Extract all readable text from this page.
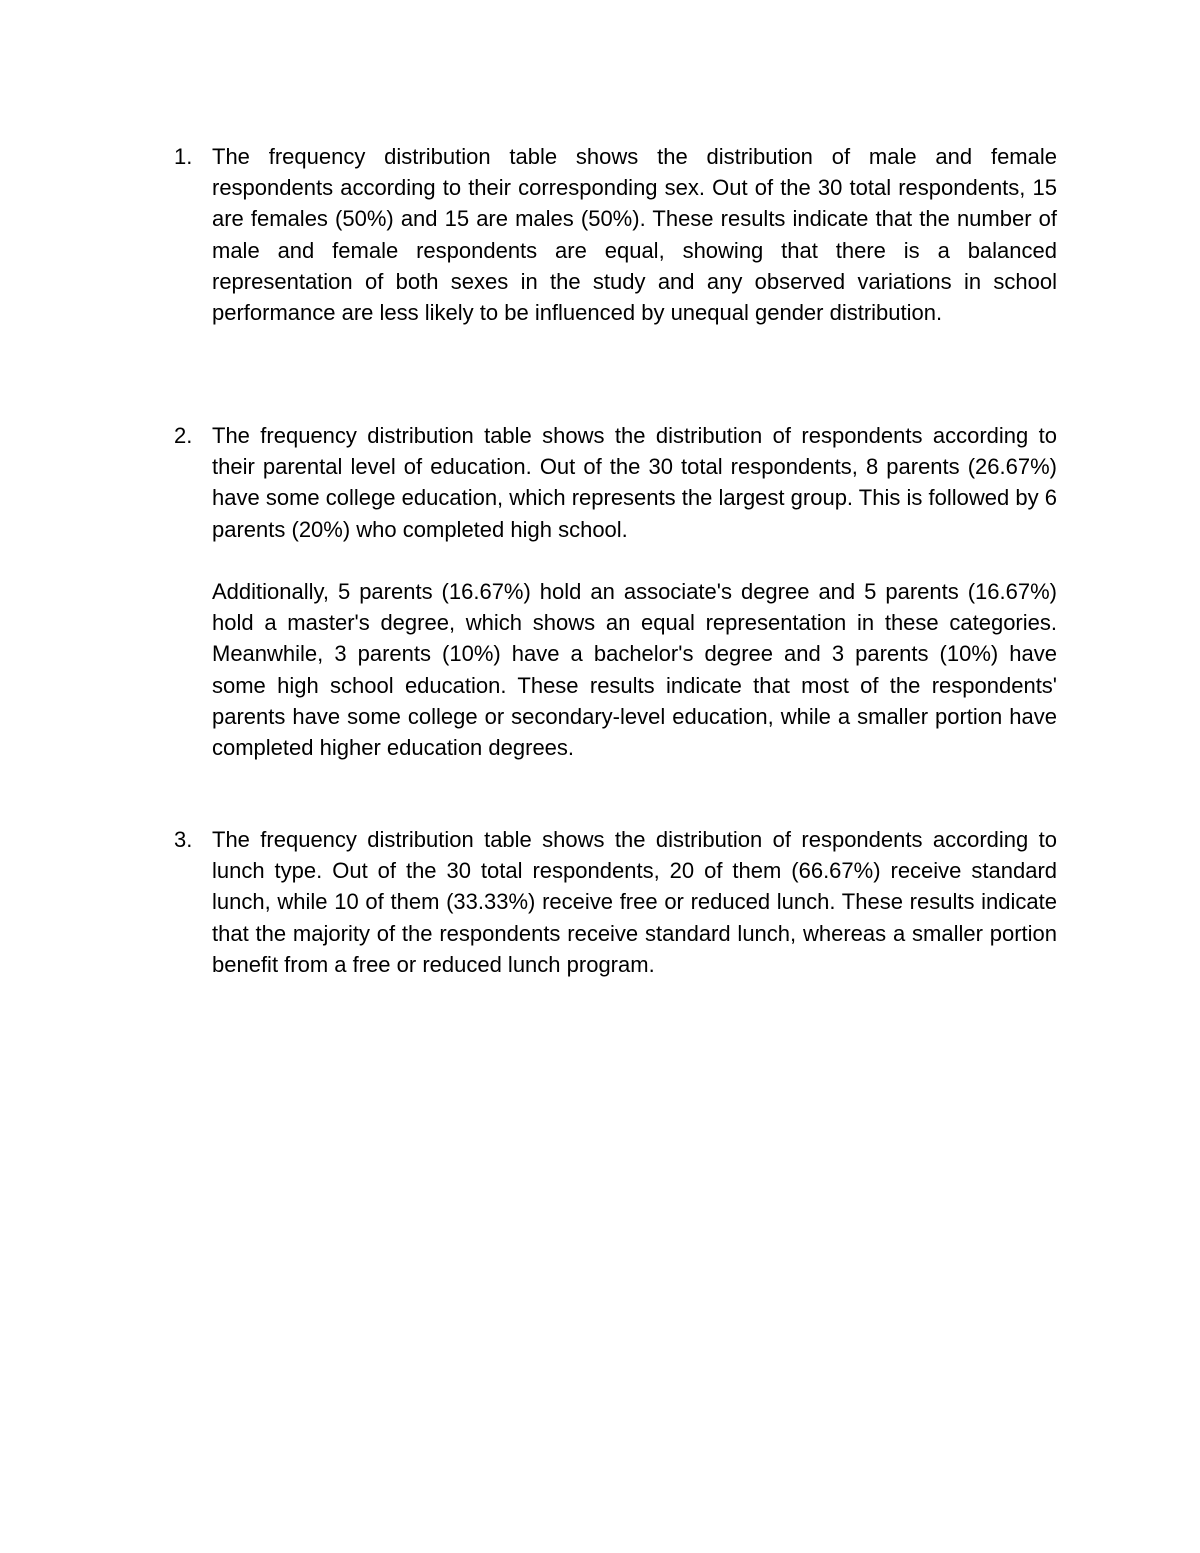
1. The frequency distribution table shows the distribution of male and female respondents according to their corresponding sex. Out of the 30 total respondents, 15 are females (50%) and 15 are males (50%). These results indicate that the number of male and female respondents are equal, showing that there is a balanced representation of both sexes in the study and any observed variations in school performance are less likely to be influenced by unequal gender distribution.

2. The frequency distribution table shows the distribution of respondents according to their parental level of education. Out of the 30 total respondents, 8 parents (26.67%) have some college education, which represents the largest group. This is followed by 6 parents (20%) who completed high school.

Additionally, 5 parents (16.67%) hold an associate's degree and 5 parents (16.67%) hold a master's degree, which shows an equal representation in these categories. Meanwhile, 3 parents (10%) have a bachelor's degree and 3 parents (10%) have some high school education. These results indicate that most of the respondents' parents have some college or secondary-level education, while a smaller portion have completed higher education degrees.

3. The frequency distribution table shows the distribution of respondents according to lunch type. Out of the 30 total respondents, 20 of them (66.67%) receive standard lunch, while 10 of them (33.33%) receive free or reduced lunch. These results indicate that the majority of the respondents receive standard lunch, whereas a smaller portion benefit from a free or reduced lunch program.
